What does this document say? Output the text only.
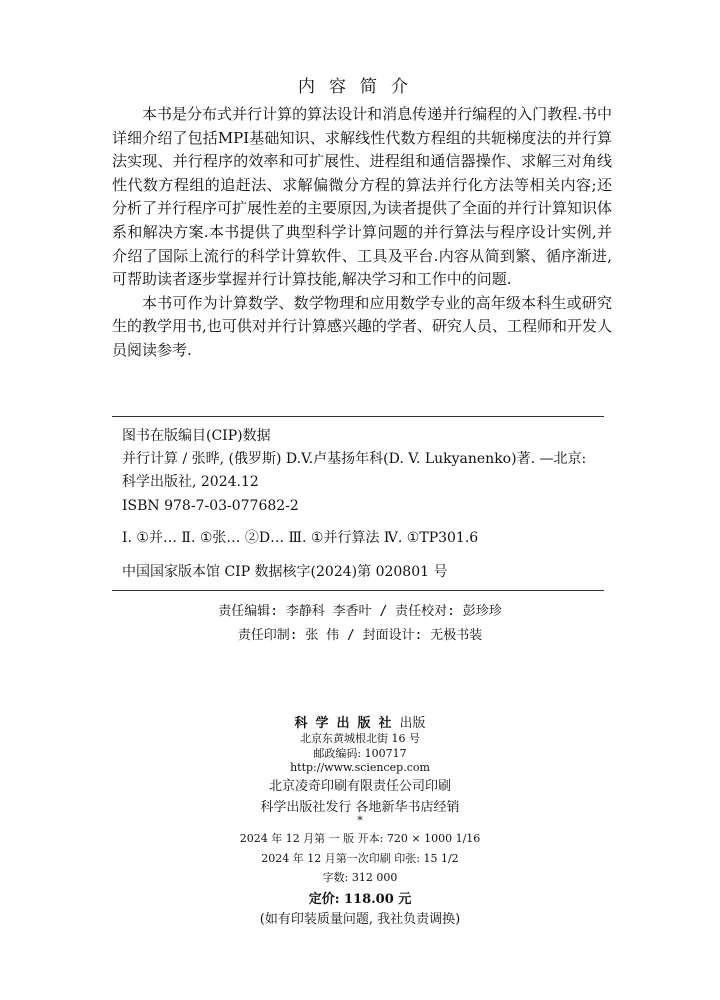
内容简介

本书是分布式并行计算的算法设计和消息传递并行编程的入门教程.书中详细介绍了包括MPI基础知识、求解线性代数方程组的共轭梯度法的并行算法实现、并行程序的效率和可扩展性、进程组和通信器操作、求解三对角线性代数方程组的追赶法、求解偏微分方程的算法并行化方法等相关内容;还分析了并行程序可扩展性差的主要原因,为读者提供了全面的并行计算知识体系和解决方案.本书提供了典型科学计算问题的并行算法与程序设计实例,并介绍了国际上流行的科学计算软件、工具及平台.内容从简到繁、循序渐进,可帮助读者逐步掌握并行计算技能,解决学习和工作中的问题.

本书可作为计算数学、数学物理和应用数学专业的高年级本科生或研究生的教学用书,也可供对并行计算感兴趣的学者、研究人员、工程师和开发人员阅读参考.

图书在版编目(CIP)数据
并行计算 / 张晔, (俄罗斯) D.V.卢基扬年科(D. V. Lukyanenko)著. —北京:
科学出版社, 2024.12
ISBN 978-7-03-077682-2
Ⅰ. ①并… Ⅱ. ①张… ②D… Ⅲ. ①并行算法 Ⅳ. ①TP301.6
中国国家版本馆 CIP 数据核字(2024)第 020801 号
责任编辑: 李静科 李香叶 / 责任校对: 彭珍珍
责任印制: 张 伟 / 封面设计: 无极书装
科学出版社出版
北京东黄城根北街 16 号
邮政编码: 100717
http://www.sciencep.com
北京凌奇印刷有限责任公司印刷
科学出版社发行 各地新华书店经销
*
2024 年 12 月第 一 版 开本: 720 × 1000 1/16
2024 年 12 月第一次印刷 印张: 15 1/2
字数: 312 000
定价: 118.00 元
(如有印装质量问题, 我社负责调换)
